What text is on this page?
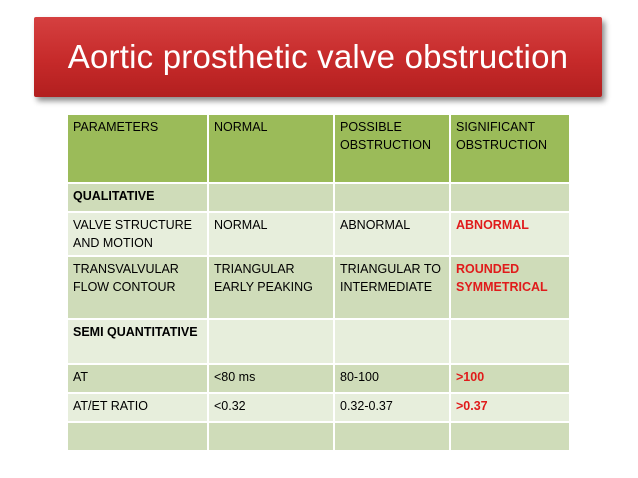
Aortic prosthetic valve obstruction
PARAMETERS	NORMAL	POSSIBLE OBSTRUCTION	SIGNIFICANT OBSTRUCTION
QUALITATIVE			
VALVE STRUCTURE AND MOTION	NORMAL	ABNORMAL	ABNORMAL
TRANSVALVULAR FLOW CONTOUR	TRIANGULAR EARLY PEAKING	TRIANGULAR TO INTERMEDIATE	ROUNDED SYMMETRICAL
SEMI QUANTITATIVE			
AT	<80 ms	80-100	>100
AT/ET RATIO	<0.32	0.32-0.37	>0.37
